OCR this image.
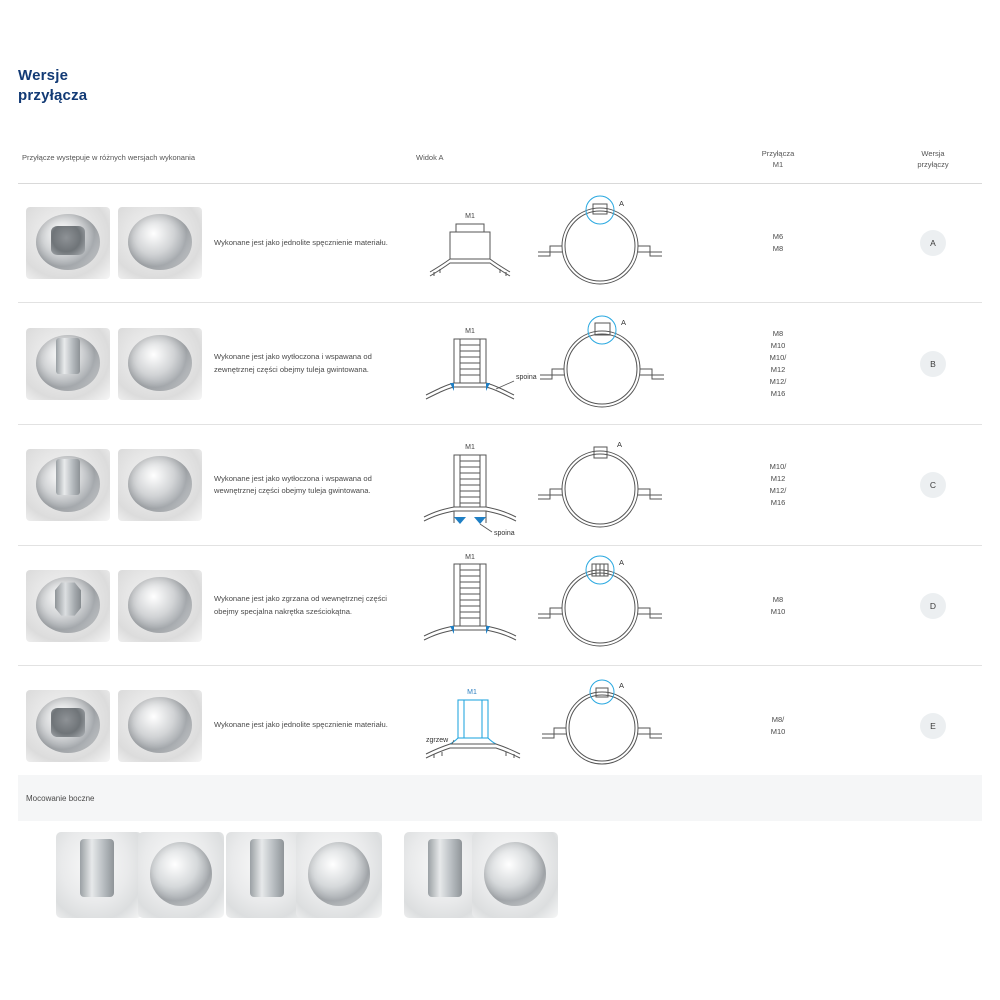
Wersje
przyłącza
Przyłącze występuje w różnych wersjach wykonania	Widok A	Przyłącza
M1
Wersja
przyłączy

Wykonane jest jako jednolite spęcznienie materiału.

M1
A
M6
M8
A

Wykonane jest jako wytłoczona i wspawana od zewnętrznej części obejmy tuleja gwintowana.

M1
spoina
A
M8
M10
M10/
M12
M12/
M16
B

Wykonane jest jako wytłoczona i wspawana od wewnętrznej części obejmy tuleja gwintowana.

M1
spoina
A
M10/
M12
M12/
M16
C

Wykonane jest jako zgrzana od wewnętrznej części obejmy specjalna nakrętka sześciokątna.

M1
A
M8
M10
D

Wykonane jest jako jednolite spęcznienie materiału.

M1
zgrzew
A
M8/
M10
E
Mocowanie boczne
